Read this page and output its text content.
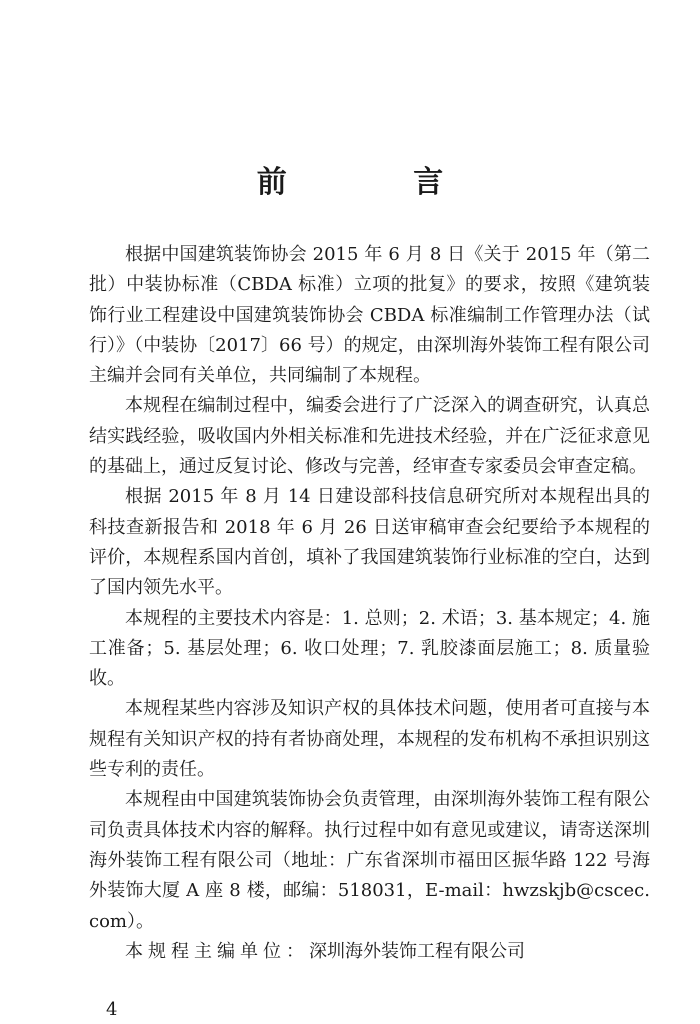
前 言

根据中国建筑装饰协会 2015 年 6 月 8 日《关于 2015 年（第二批）中装协标准（CBDA 标准）立项的批复》的要求，按照《建筑装饰行业工程建设中国建筑装饰协会 CBDA 标准编制工作管理办法（试行）》（中装协〔2017〕66 号）的规定，由深圳海外装饰工程有限公司主编并会同有关单位，共同编制了本规程。

本规程在编制过程中，编委会进行了广泛深入的调查研究，认真总结实践经验，吸收国内外相关标准和先进技术经验，并在广泛征求意见的基础上，通过反复讨论、修改与完善，经审查专家委员会审查定稿。

根据 2015 年 8 月 14 日建设部科技信息研究所对本规程出具的科技查新报告和 2018 年 6 月 26 日送审稿审查会纪要给予本规程的评价，本规程系国内首创，填补了我国建筑装饰行业标准的空白，达到了国内领先水平。

本规程的主要技术内容是：1. 总则；2. 术语；3. 基本规定；4. 施工准备；5. 基层处理；6. 收口处理；7. 乳胶漆面层施工；8. 质量验收。

本规程某些内容涉及知识产权的具体技术问题，使用者可直接与本规程有关知识产权的持有者协商处理，本规程的发布机构不承担识别这些专利的责任。

本规程由中国建筑装饰协会负责管理，由深圳海外装饰工程有限公司负责具体技术内容的解释。执行过程中如有意见或建议，请寄送深圳海外装饰工程有限公司（地址：广东省深圳市福田区振华路 122 号海外装饰大厦 A 座 8 楼，邮编：518031，E-mail：hwzskjb@cscec. com）。

本规程主编单位：深圳海外装饰工程有限公司

4
